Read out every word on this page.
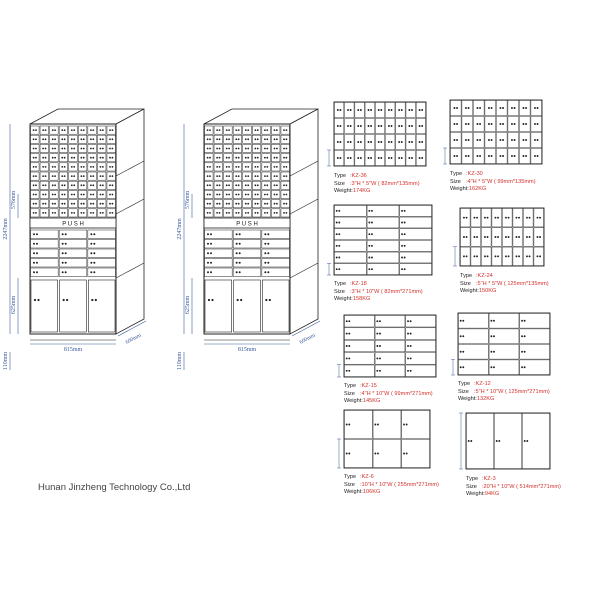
P U S H
2247mm
576mm
625mm
110mm
815mm
600mm
P U S H
2247mm
576mm
625mm
110mm
815mm
600mm
Hunan Jinzheng Technology Co.,Ltd
Type :KZ-36
Size :3"H * 5"W ( 82mm*135mm)
Weight:174KG
Type :KZ-30
Size :4"H * 5"W ( 99mm*135mm)
Weight:162KG
Type :KZ-18
Size :3"H * 10"W ( 82mm*271mm)
Weight:158KG
Type :KZ-24
Size :5"H * 5"W ( 125mm*135mm)
Weight:150KG
Type :KZ-15
Size :4"H * 10"W ( 99mm*271mm)
Weight:145KG
Type :KZ-12
Size :5"H * 10"W ( 125mm*271mm)
Weight:132KG
Type :KZ-6
Size :10"H * 10"W ( 255mm*271mm)
Weight:106KG
Type :KZ-3
Size :20"H * 10"W ( 514mm*271mm)
Weight:94KG
